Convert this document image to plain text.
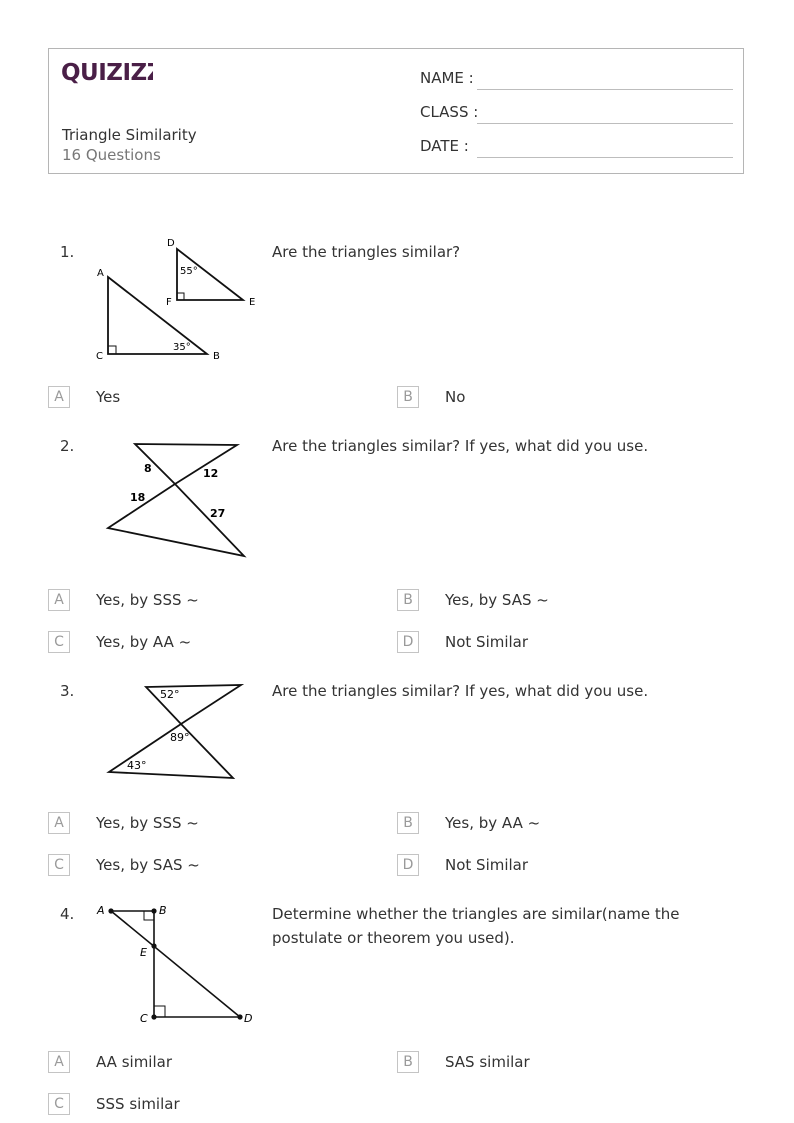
QUIZIZZ
Triangle Similarity
16 Questions
NAME :
CLASS :
DATE :
1.	Are the triangles similar?
D
55°
F	E
A
C
35°
B
A	Yes	B	No
2.	Are the triangles similar? If yes, what did you use.
8	12
18
27
A	Yes, by SSS ~	B	Yes, by SAS ~
C	Yes, by AA ~	D	Not Similar
3.	Are the triangles similar? If yes, what did you use.
52°
89°
43°
A	Yes, by SSS ~	B	Yes, by AA ~
C	Yes, by SAS ~	D	Not Similar
4.	Determine whether the triangles are similar(name the postulate or theorem you used).
A	B
E
C	D
A	AA similar	B	SAS similar
C	SSS similar
